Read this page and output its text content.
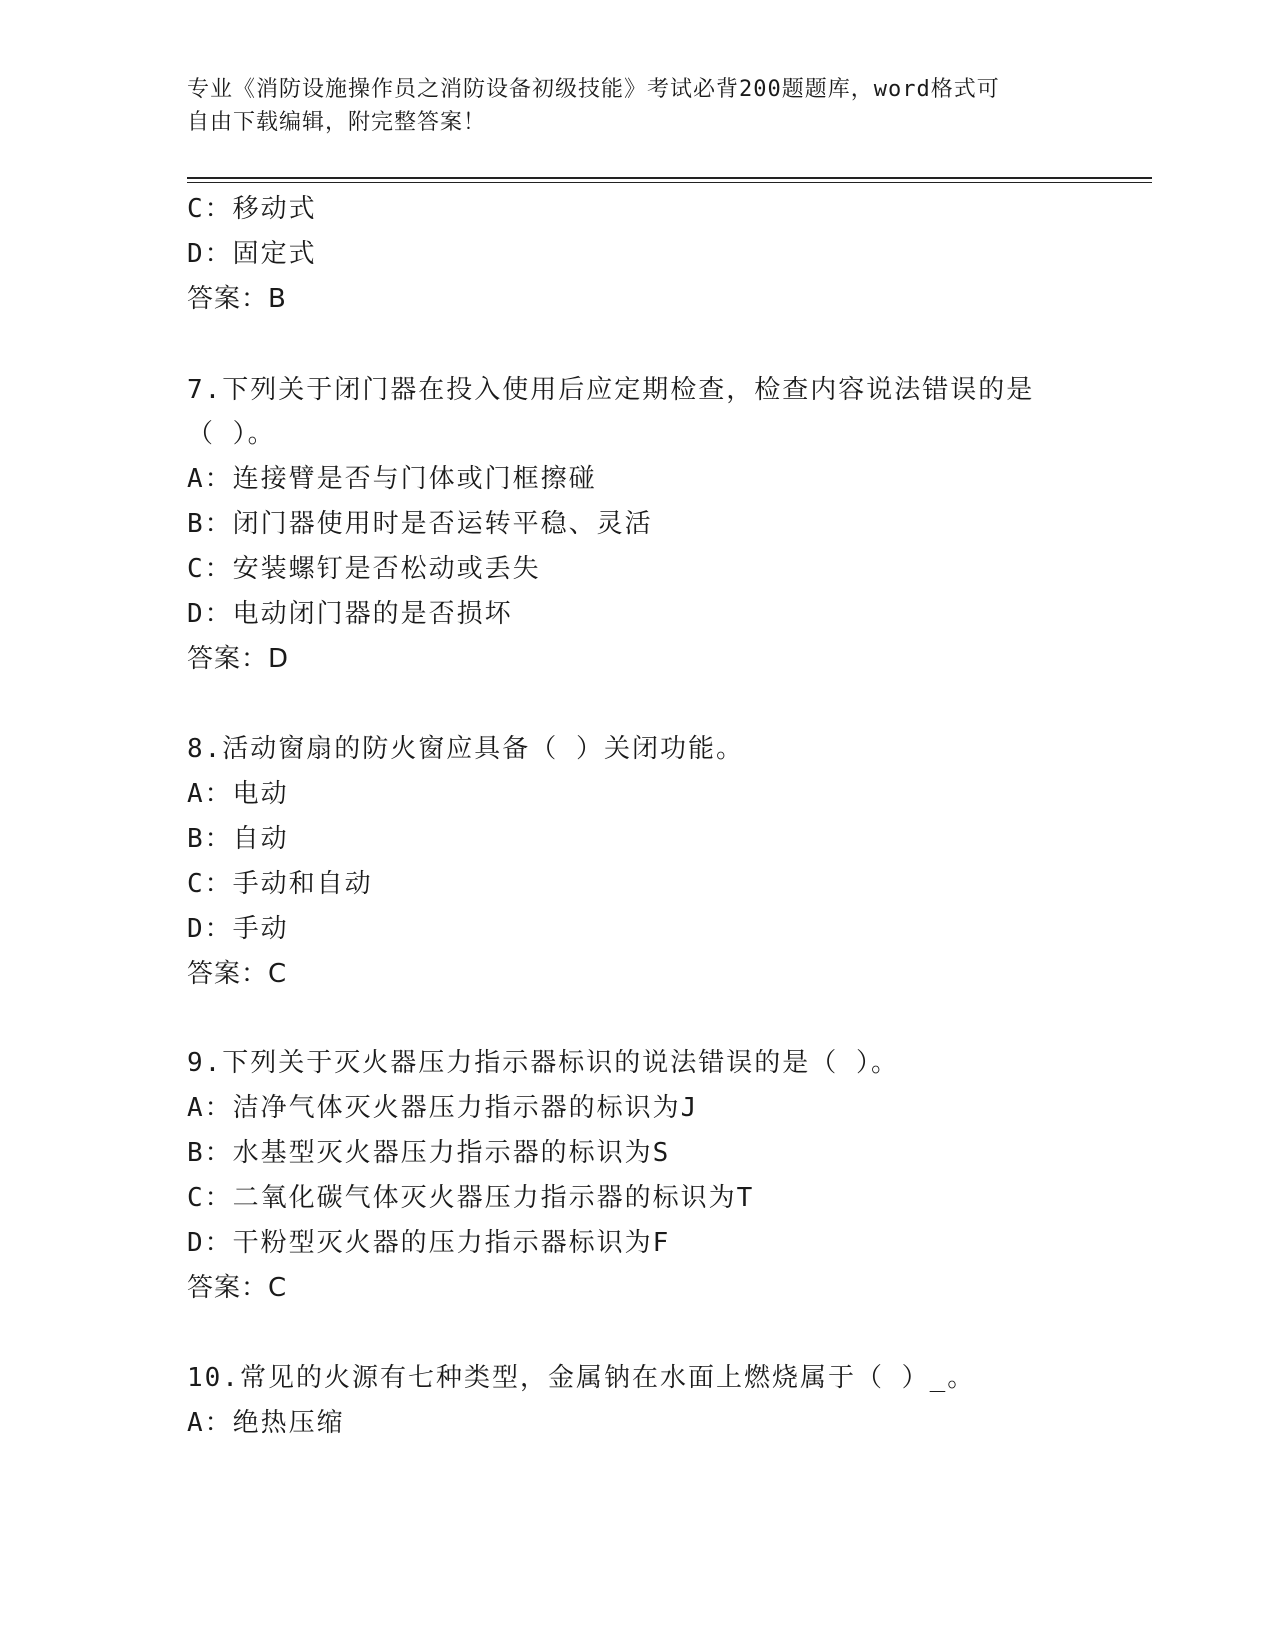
专业《消防设施操作员之消防设备初级技能》考试必背200题题库，word格式可
自由下载编辑，附完整答案！
C：移动式
D：固定式
答案：B
7.下列关于闭门器在投入使用后应定期检查，检查内容说法错误的是
（ ）。
A：连接臂是否与门体或门框擦碰
B：闭门器使用时是否运转平稳、灵活
C：安装螺钉是否松动或丢失
D：电动闭门器的是否损坏
答案：D
8.活动窗扇的防火窗应具备（ ）关闭功能。
A：电动
B：自动
C：手动和自动
D：手动
答案：C
9.下列关于灭火器压力指示器标识的说法错误的是（ ）。
A：洁净气体灭火器压力指示器的标识为J
B：水基型灭火器压力指示器的标识为S
C：二氧化碳气体灭火器压力指示器的标识为T
D：干粉型灭火器的压力指示器标识为F
答案：C
10.常见的火源有七种类型，金属钠在水面上燃烧属于（ ）_。
A：绝热压缩
